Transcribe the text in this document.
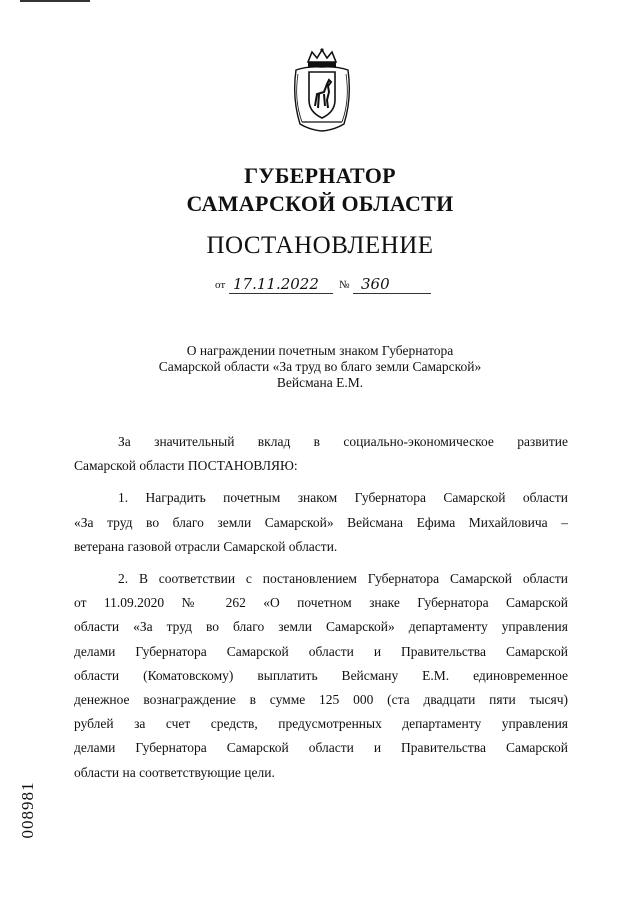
ГУБЕРНАТОР
САМАРСКОЙ ОБЛАСТИ
ПОСТАНОВЛЕНИЕ
от 17.11.2022 № 360
О награждении почетным знаком Губернатора
Самарской области «За труд во благо земли Самарской»
Вейсмана Е.М.

За значительный вклад в социально-экономическое развитие

Самарской области ПОСТАНОВЛЯЮ:

1. Наградить почетным знаком Губернатора Самарской области

«За труд во благо земли Самарской» Вейсмана Ефима Михайловича –

ветерана газовой отрасли Самарской области.

2. В соответствии с постановлением Губернатора Самарской области

от 11.09.2020 № 262 «О почетном знаке Губернатора Самарской

области «За труд во благо земли Самарской» департаменту управления

делами Губернатора Самарской области и Правительства Самарской

области (Коматовскому) выплатить Вейсману Е.М. единовременное

денежное вознаграждение в сумме 125 000 (ста двадцати пяти тысяч)

рублей за счет средств, предусмотренных департаменту управления

делами Губернатора Самарской области и Правительства Самарской

области на соответствующие цели.

008981
